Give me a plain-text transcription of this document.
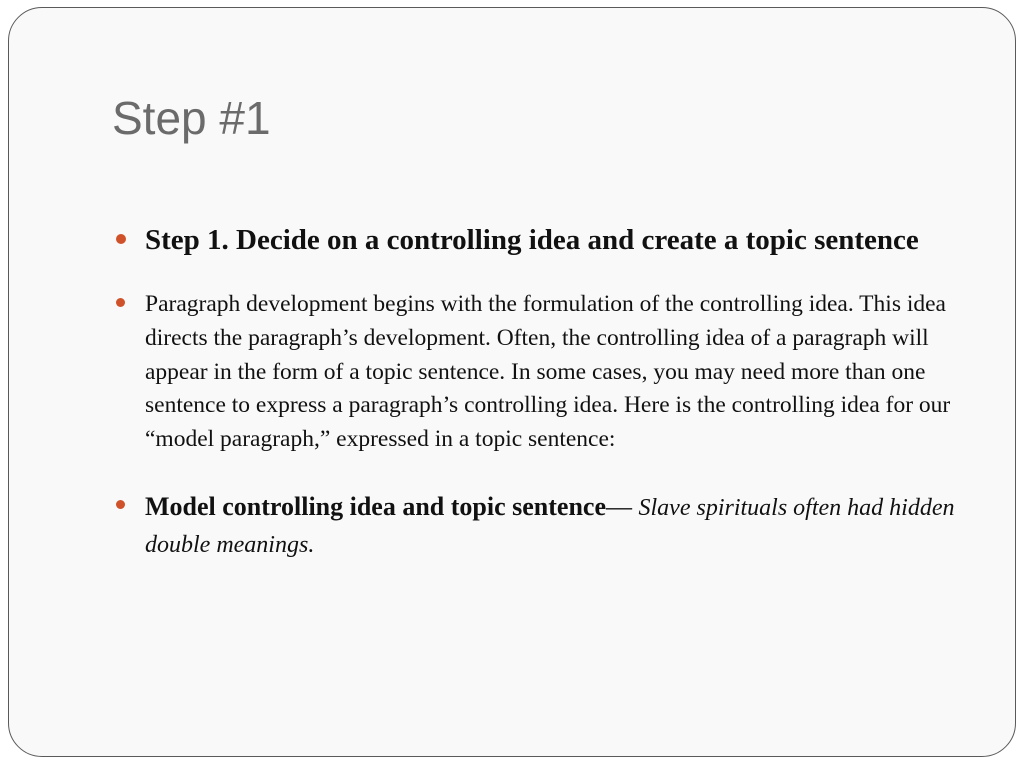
Step #1
Step 1. Decide on a controlling idea and create a topic sentence
Paragraph development begins with the formulation of the controlling idea. This idea directs the paragraph’s development. Often, the controlling idea of a paragraph will appear in the form of a topic sentence. In some cases, you may need more than one sentence to express a paragraph’s controlling idea. Here is the controlling idea for our “model paragraph,” expressed in a topic sentence:
Model controlling idea and topic sentence— Slave spirituals often had hidden double meanings.
